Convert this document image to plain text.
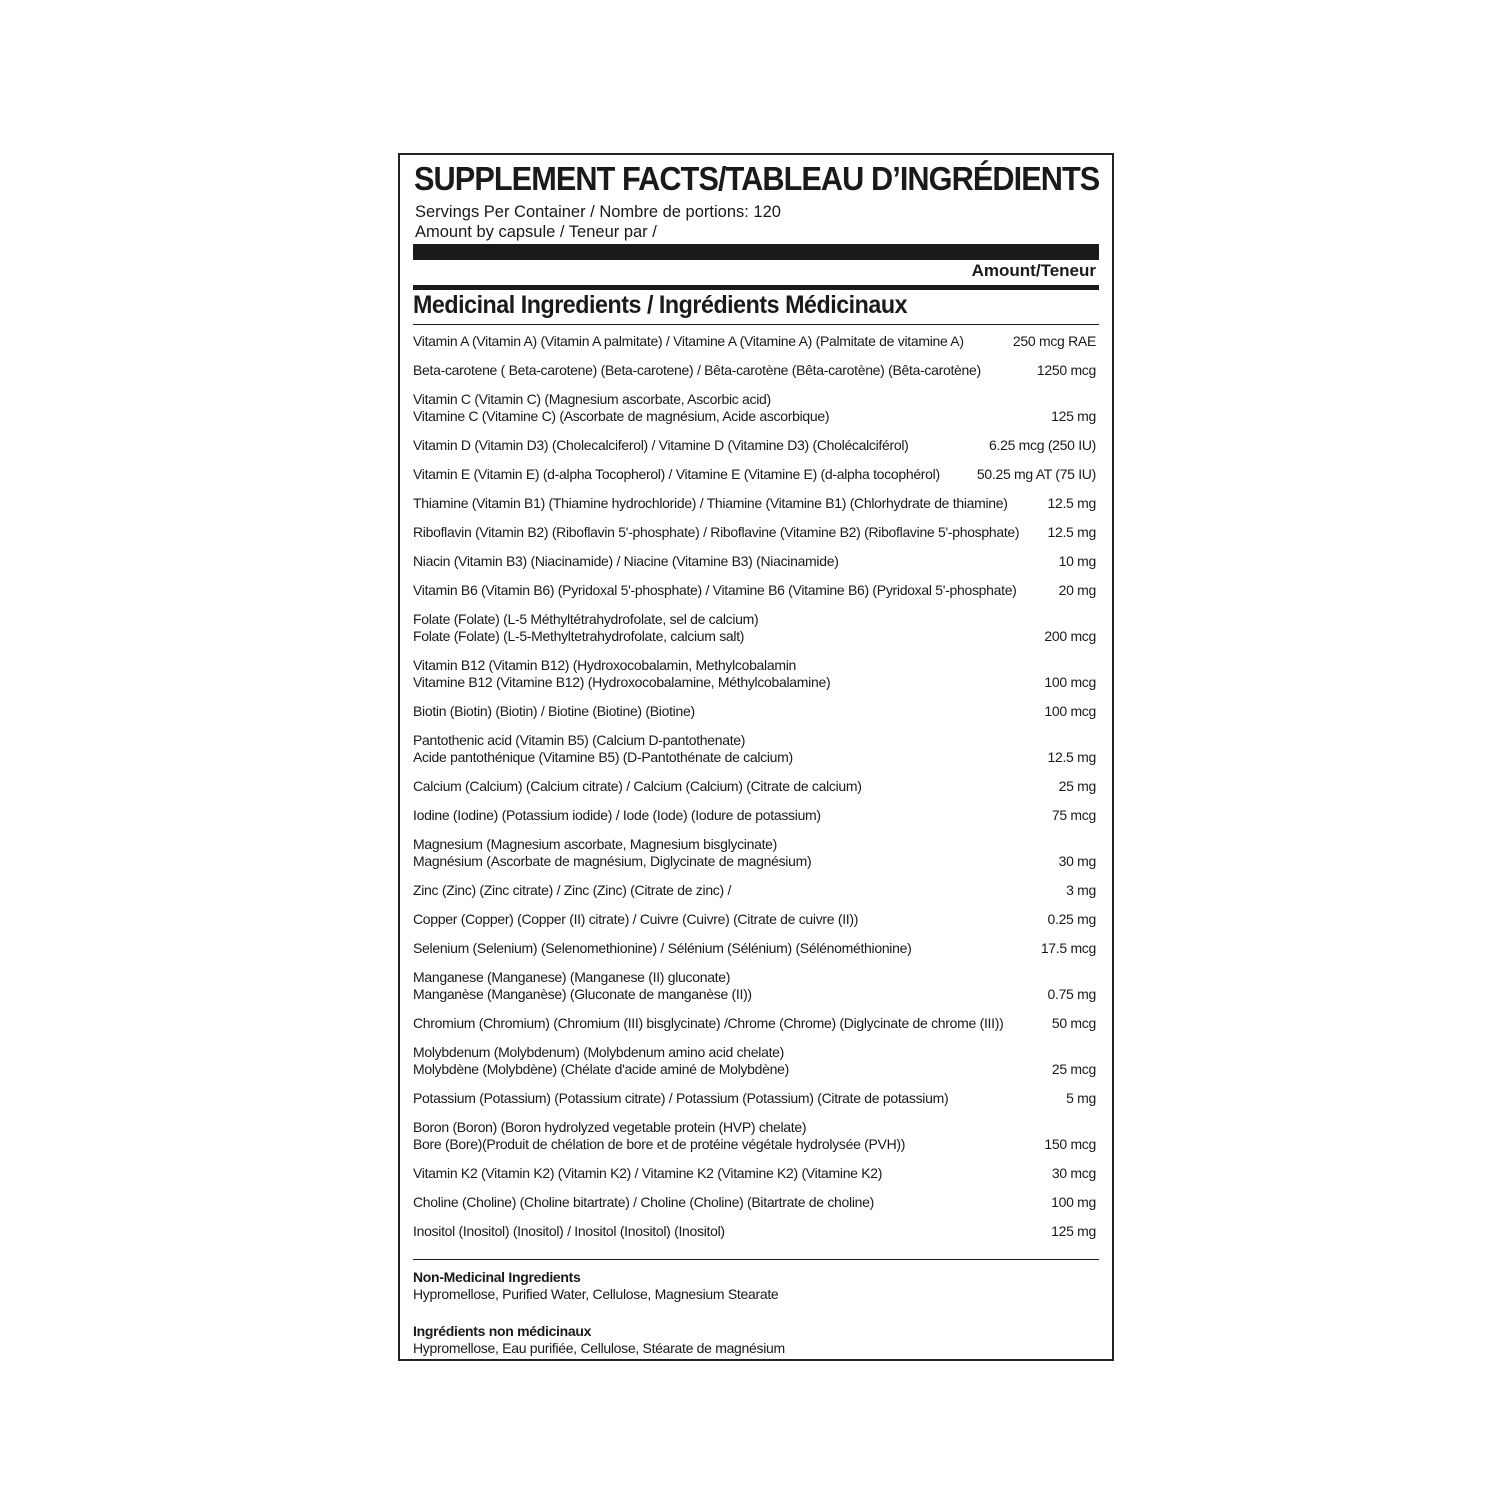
SUPPLEMENT FACTS/TABLEAU D’INGRÉDIENTS
Servings Per Container / Nombre de portions: 120
Amount by capsule / Teneur par /
Amount/Teneur
Medicinal Ingredients / Ingrédients Médicinaux
Vitamin A (Vitamin A) (Vitamin A palmitate) / Vitamine A (Vitamine A) (Palmitate de vitamine A)	250 mcg RAE
Beta-carotene ( Beta-carotene) (Beta-carotene) / Bêta-carotène (Bêta-carotène) (Bêta-carotène)	1250 mcg
Vitamin C (Vitamin C) (Magnesium ascorbate, Ascorbic acid)
Vitamine C (Vitamine C) (Ascorbate de magnésium, Acide ascorbique)	125 mg
Vitamin D (Vitamin D3) (Cholecalciferol) / Vitamine D (Vitamine D3) (Cholécalciférol)	6.25 mcg (250 IU)
Vitamin E (Vitamin E) (d-alpha Tocopherol) / Vitamine E (Vitamine E) (d-alpha tocophérol)	50.25 mg AT (75 IU)
Thiamine (Vitamin B1) (Thiamine hydrochloride) / Thiamine (Vitamine B1) (Chlorhydrate de thiamine)	12.5 mg
Riboflavin (Vitamin B2) (Riboflavin 5'-phosphate) / Riboflavine (Vitamine B2) (Riboflavine 5'-phosphate)	12.5 mg
Niacin (Vitamin B3) (Niacinamide) / Niacine (Vitamine B3) (Niacinamide)	10 mg
Vitamin B6 (Vitamin B6) (Pyridoxal 5'-phosphate) / Vitamine B6 (Vitamine B6) (Pyridoxal 5'-phosphate)	20 mg
Folate (Folate) (L-5 Méthyltétrahydrofolate, sel de calcium)
Folate (Folate) (L-5-Methyltetrahydrofolate, calcium salt)	200 mcg
Vitamin B12 (Vitamin B12) (Hydroxocobalamin, Methylcobalamin
Vitamine B12 (Vitamine B12) (Hydroxocobalamine, Méthylcobalamine)	100 mcg
Biotin (Biotin) (Biotin) / Biotine (Biotine) (Biotine)	100 mcg
Pantothenic acid (Vitamin B5) (Calcium D-pantothenate)
Acide pantothénique (Vitamine B5) (D-Pantothénate de calcium)	12.5 mg
Calcium (Calcium) (Calcium citrate) / Calcium (Calcium) (Citrate de calcium)	25 mg
Iodine (Iodine) (Potassium iodide) / Iode (Iode) (Iodure de potassium)	75 mcg
Magnesium (Magnesium ascorbate, Magnesium bisglycinate)
Magnésium (Ascorbate de magnésium, Diglycinate de magnésium)	30 mg
Zinc (Zinc) (Zinc citrate) / Zinc (Zinc) (Citrate de zinc) /	3 mg
Copper (Copper) (Copper (II) citrate) / Cuivre (Cuivre) (Citrate de cuivre (II))	0.25 mg
Selenium (Selenium) (Selenomethionine) / Sélénium (Sélénium) (Sélénométhionine)	17.5 mcg
Manganese (Manganese) (Manganese (II) gluconate)
Manganèse (Manganèse) (Gluconate de manganèse (II))	0.75 mg
Chromium (Chromium) (Chromium (III) bisglycinate) /Chrome (Chrome) (Diglycinate de chrome (III))	50 mcg
Molybdenum (Molybdenum) (Molybdenum amino acid chelate)
Molybdène (Molybdène) (Chélate d'acide aminé de Molybdène)	25 mcg
Potassium (Potassium) (Potassium citrate) / Potassium (Potassium) (Citrate de potassium)	5 mg
Boron (Boron) (Boron hydrolyzed vegetable protein (HVP) chelate)
Bore (Bore)(Produit de chélation de bore et de protéine végétale hydrolysée (PVH))	150 mcg
Vitamin K2 (Vitamin K2) (Vitamin K2) / Vitamine K2 (Vitamine K2) (Vitamine K2)	30 mcg
Choline (Choline) (Choline bitartrate) / Choline (Choline) (Bitartrate de choline)	100 mg
Inositol (Inositol) (Inositol) / Inositol (Inositol) (Inositol)	125 mg
Non-Medicinal Ingredients
Hypromellose, Purified Water, Cellulose, Magnesium Stearate
Ingrédients non médicinaux
Hypromellose, Eau purifiée, Cellulose, Stéarate de magnésium
